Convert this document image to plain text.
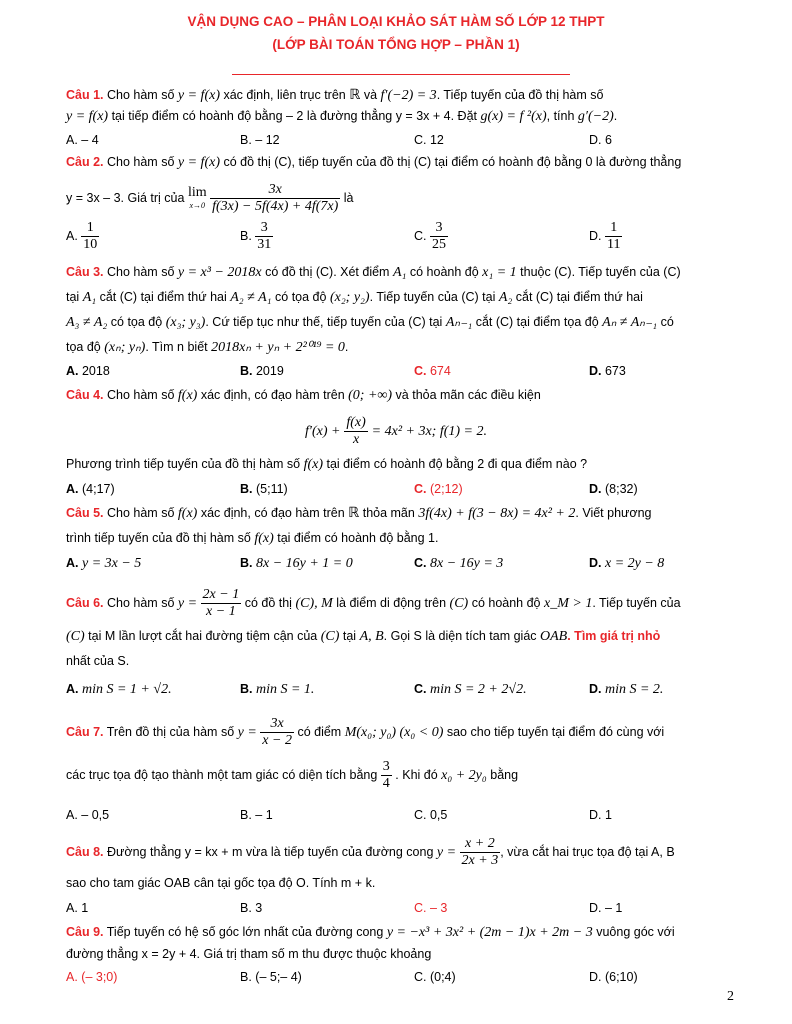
VẬN DỤNG CAO – PHÂN LOẠI KHẢO SÁT HÀM SỐ LỚP 12 THPT
(LỚP BÀI TOÁN TỔNG HỢP – PHẦN 1)
Câu 1. Cho hàm số y = f(x) xác định, liên trục trên ℝ và f′(−2) = 3. Tiếp tuyến của đồ thị hàm số
y = f(x) tại tiếp điểm có hoành độ bằng – 2 là đường thẳng y = 3x + 4. Đặt g(x) = f ²(x), tính g′(−2).
A. – 4	B. – 12	C. 12	D. 6
Câu 2. Cho hàm số y = f(x) có đồ thị (C), tiếp tuyến của đồ thị (C) tại điểm có hoành độ bằng 0 là đường thẳng
y = 3x – 3. Giá trị của lim
x→0
$\frac{3x}{f(3x) - 5f(4x) + 4f(7x)}$ là
A. $\frac{1}{10}$	B. $\frac{3}{31}$	C. $\frac{3}{25}$	D. $\frac{1}{11}$
Câu 3. Cho hàm số y = x³ − 2018x có đồ thị (C). Xét điểm A₁ có hoành độ x₁ = 1 thuộc (C). Tiếp tuyến của (C)
tại A₁ cắt (C) tại điểm thứ hai A₂ ≠ A₁ có tọa độ (x₂; y₂). Tiếp tuyến của (C) tại A₂ cắt (C) tại điểm thứ hai
A₃ ≠ A₂ có tọa độ (x₃; y₃). Cứ tiếp tục như thế, tiếp tuyến của (C) tại Aₙ₋₁ cắt (C) tại điểm tọa độ Aₙ ≠ Aₙ₋₁ có
tọa độ (xₙ; yₙ). Tìm n biết 2018xₙ + yₙ + 2²⁰¹⁹ = 0.
A. 2018	B. 2019	C. 674	D. 673
Câu 4. Cho hàm số f(x) xác định, có đạo hàm trên (0; +∞) và thỏa mãn các điều kiện
$f'(x) + \frac{f(x)}{x} = 4x^2 + 3x$; f(1) = 2.
Phương trình tiếp tuyến của đồ thị hàm số f(x) tại điểm có hoành độ bằng 2 đi qua điểm nào ?
A. (4;17)	B. (5;11)	C. (2;12)	D. (8;32)
Câu 5. Cho hàm số f(x) xác định, có đạo hàm trên ℝ thỏa mãn 3f(4x) + f(3 − 8x) = 4x² + 2. Viết phương
trình tiếp tuyến của đồ thị hàm số f(x) tại điểm có hoành độ bằng 1.
A. y = 3x − 5	B. 8x − 16y + 1 = 0	C. 8x − 16y = 3	D. x = 2y − 8
Câu 6. Cho hàm số $y = \frac{2x - 1}{x - 1}$ có đồ thị (C), M là điểm di động trên (C) có hoành độ x_M > 1. Tiếp tuyến của
(C) tại M lần lượt cắt hai đường tiệm cận của (C) tại A, B. Gọi S là diện tích tam giác OAB. Tìm giá trị nhỏ
nhất của S.
A. min S = 1 + √2.	B. min S = 1.	C. min S = 2 + 2√2.	D. min S = 2.
Câu 7. Trên đồ thị của hàm số $y = \frac{3x}{x - 2}$ có điểm M(x₀; y₀) (x₀ < 0) sao cho tiếp tuyến tại điểm đó cùng với
các trục tọa độ tạo thành một tam giác có diện tích bằng $\frac{3}{4}$ . Khi đó x₀ + 2y₀ bằng
A. – 0,5	B. – 1	C. 0,5	D. 1
Câu 8. Đường thẳng y = kx + m vừa là tiếp tuyến của đường cong $y = \frac{x + 2}{2x + 3}$ , vừa cắt hai trục tọa độ tại A, B
sao cho tam giác OAB cân tại gốc tọa độ O. Tính m + k.
A. 1	B. 3	C. – 3	D. – 1
Câu 9. Tiếp tuyến có hệ số góc lớn nhất của đường cong y = −x³ + 3x² + (2m − 1)x + 2m − 3 vuông góc với
đường thẳng x = 2y + 4. Giá trị tham số m thu được thuộc khoảng
A. (– 3;0)	B. (– 5;– 4)	C. (0;4)	D. (6;10)
2
